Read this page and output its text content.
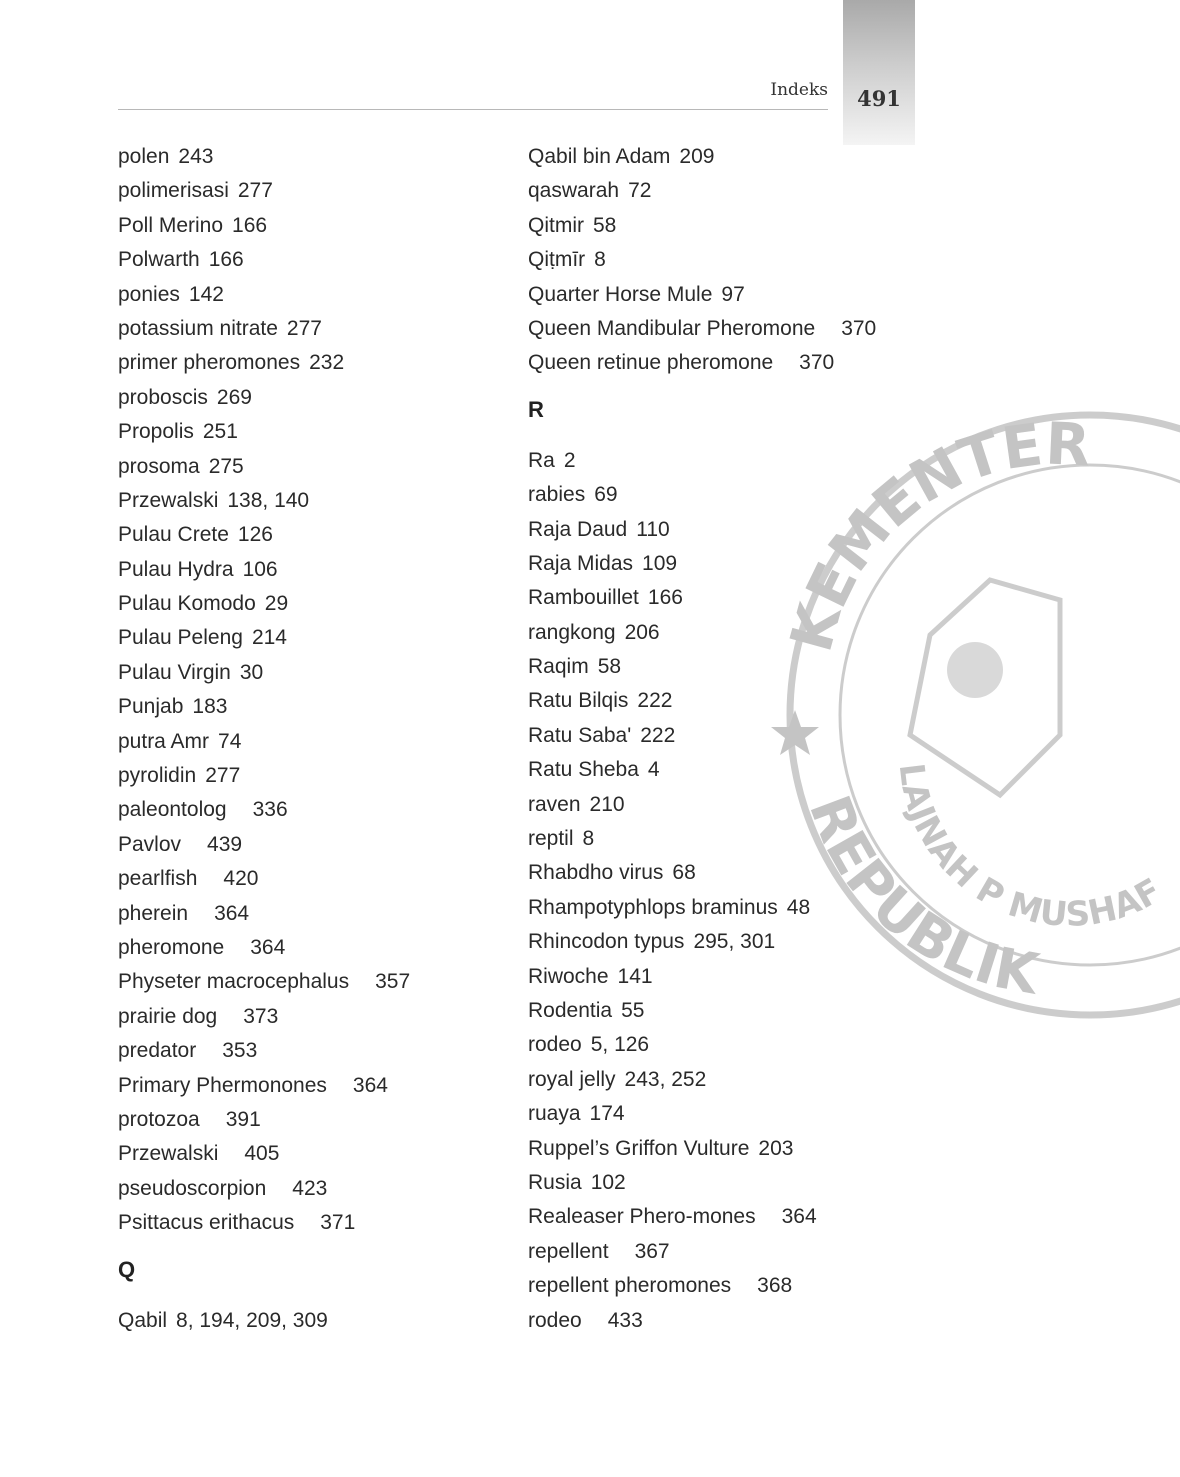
491
Indeks
KEMENTER
LAJNAH P MUSHAF
REPUBLIK
polen 243
polimerisasi 277
Poll Merino 166
Polwarth 166
ponies 142
potassium nitrate 277
primer pheromones 232
proboscis 269
Propolis 251
prosoma 275
Przewalski 138, 140
Pulau Crete 126
Pulau Hydra 106
Pulau Komodo 29
Pulau Peleng 214
Pulau Virgin 30
Punjab 183
putra Amr 74
pyrolidin 277
paleontolog 336
Pavlov 439
pearlfish 420
pherein 364
pheromone 364
Physeter macrocephalus 357
prairie dog 373
predator 353
Primary Phermonones 364
protozoa 391
Przewalski 405
pseudoscorpion 423
Psittacus erithacus 371
Q
Qabil 8, 194, 209, 309
Qabil bin Adam 209
qaswarah 72
Qitmir 58
Qiṭmīr 8
Quarter Horse Mule 97
Queen Mandibular Pheromone 370
Queen retinue pheromone 370
R
Ra 2
rabies 69
Raja Daud 110
Raja Midas 109
Rambouillet 166
rangkong 206
Raqim 58
Ratu Bilqis 222
Ratu Saba' 222
Ratu Sheba 4
raven 210
reptil 8
Rhabdho virus 68
Rhampotyphlops braminus 48
Rhincodon typus 295, 301
Riwoche 141
Rodentia 55
rodeo 5, 126
royal jelly 243, 252
ruaya 174
Ruppel’s Griffon Vulture 203
Rusia 102
Realeaser Phero-mones 364
repellent 367
repellent pheromones 368
rodeo 433
